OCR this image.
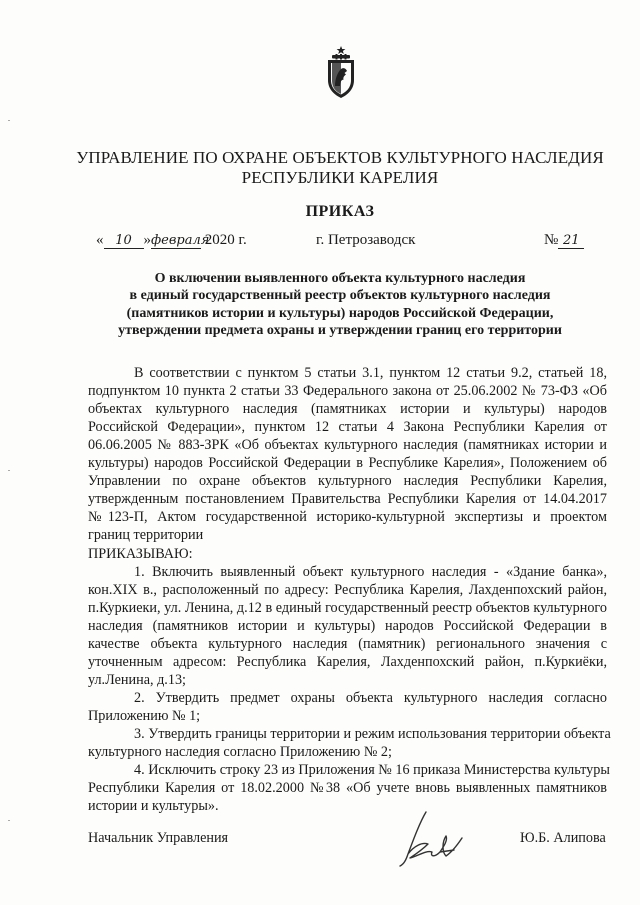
УПРАВЛЕНИЕ ПО ОХРАНЕ ОБЪЕКТОВ КУЛЬТУРНОГО НАСЛЕДИЯ
РЕСПУБЛИКИ КАРЕЛИЯ
ПРИКАЗ
« 10 »февраля 2020 г.	г. Петрозаводск	№ 21
О включении выявленного объекта культурного наследия
в единый государственный реестр объектов культурного наследия
(памятников истории и культуры) народов Российской Федерации,
утверждении предмета охраны и утверждении границ его территории
В соответствии с пунктом 5 статьи 3.1, пунктом 12 статьи 9.2, статьей 18,
подпунктом 10 пункта 2 статьи 33 Федерального закона от 25.06.2002 № 73-ФЗ «Об
объектах культурного наследия (памятниках истории и культуры) народов
Российской Федерации», пунктом 12 статьи 4 Закона Республики Карелия от
06.06.2005 № 883-ЗРК «Об объектах культурного наследия (памятниках истории и
культуры) народов Российской Федерации в Республике Карелия», Положением об
Управлении по охране объектов культурного наследия Республики Карелия,
утвержденным постановлением Правительства Республики Карелия от 14.04.2017
№123-П, Актом государственной историко-культурной экспертизы и проектом
границ территории
ПРИКАЗЫВАЮ:
1. Включить выявленный объект культурного наследия - «Здание банка»,
кон.XIX в., расположенный по адресу: Республика Карелия, Лахденпохский район,
п.Куркиеки, ул. Ленина, д.12 в единый государственный реестр объектов культурного
наследия (памятников истории и культуры) народов Российской Федерации в
качестве объекта культурного наследия (памятник) регионального значения с
уточненным адресом: Республика Карелия, Лахденпохский район, п.Куркиёки,
ул.Ленина, д.13;
2. Утвердить предмет охраны объекта культурного наследия согласно
Приложению № 1;
3. Утвердить границы территории и режим использования территории объекта
культурного наследия согласно Приложению № 2;
4. Исключить строку 23 из Приложения № 16 приказа Министерства культуры
Республики Карелия от 18.02.2000 №38 «Об учете вновь выявленных памятников
истории и культуры».
Начальник Управления	Ю.Б. Алипова
